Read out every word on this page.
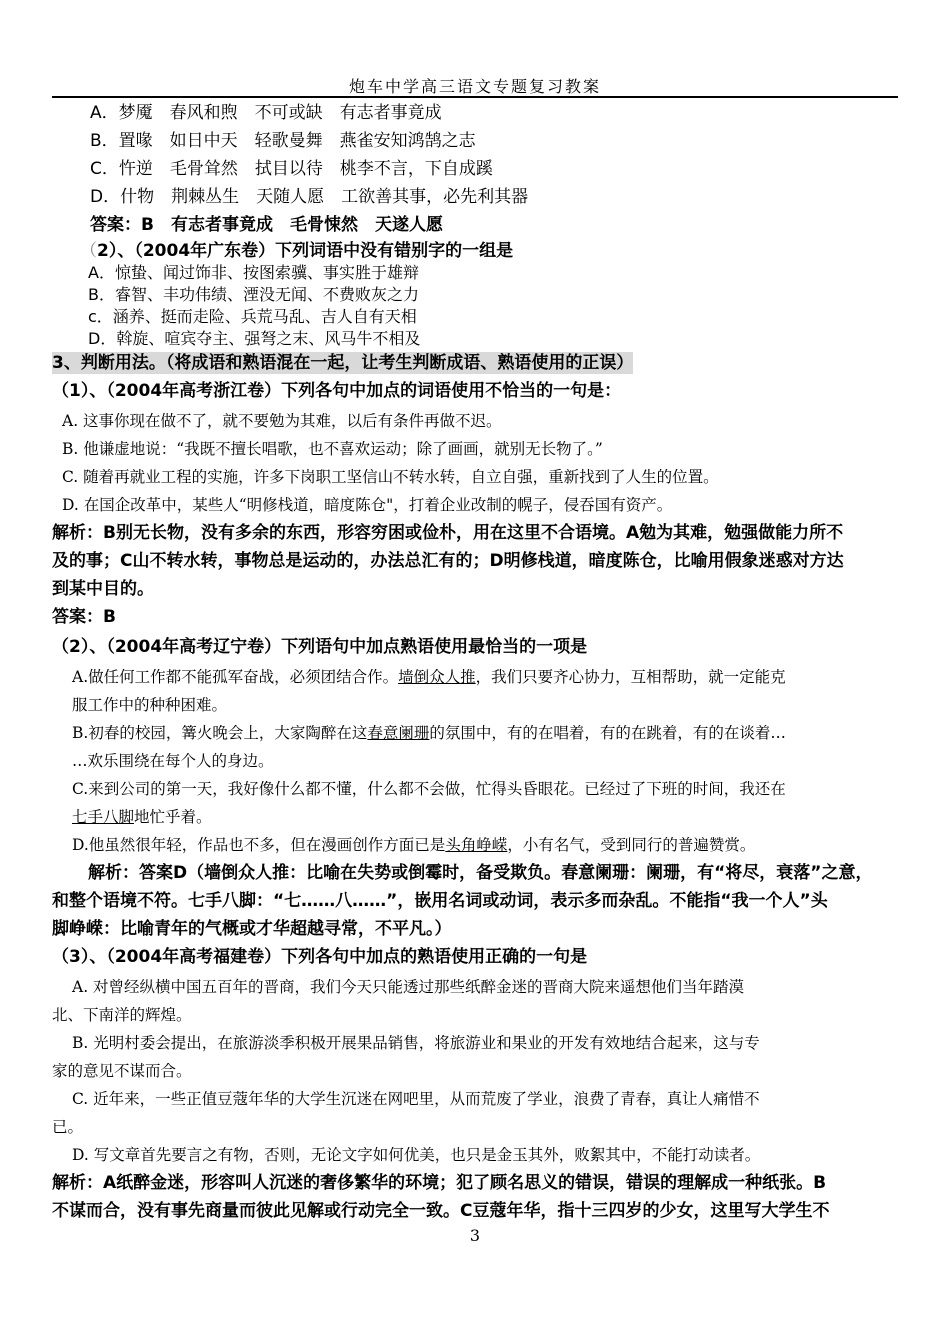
炮车中学高三语文专题复习教案
A．梦魇　春风和煦　不可或缺　有志者事竟成
B．置喙　如日中天　轻歌曼舞　燕雀安知鸿鹄之志
C．忤逆　毛骨耸然　拭目以待　桃李不言，下自成蹊
D．什物　荆棘丛生　天随人愿　工欲善其事，必先利其器
答案：B　有志者事竟成　毛骨悚然　天遂人愿
（2）、（2004年广东卷）下列词语中没有错别字的一组是
A．惊蛰、闻过饰非、按图索骥、事实胜于雄辩
B．睿智、丰功伟绩、湮没无闻、不费败灰之力
c．涵养、挺而走险、兵荒马乱、吉人自有天相
D．斡旋、喧宾夺主、强弩之末、风马牛不相及
3、判断用法。（将成语和熟语混在一起，让考生判断成语、熟语使用的正误）
（1）、（2004年高考浙江卷）下列各句中加点的词语使用不恰当的一句是：
A. 这事你现在做不了，就不要勉为其难，以后有条件再做不迟。
B. 他谦虚地说：“我既不擅长唱歌，也不喜欢运动；除了画画，就别无长物了。”
C. 随着再就业工程的实施，许多下岗职工坚信山不转水转，自立自强，重新找到了人生的位置。
D. 在国企改革中，某些人“明修栈道，暗度陈仓"，打着企业改制的幌子，侵吞国有资产。
解析：B别无长物，没有多余的东西，形容穷困或俭朴，用在这里不合语境。A勉为其难，勉强做能力所不
及的事；C山不转水转，事物总是运动的，办法总汇有的；D明修栈道，暗度陈仓，比喻用假象迷惑对方达
到某中目的。
答案：B
（2）、（2004年高考辽宁卷）下列语句中加点熟语使用最恰当的一项是
A.做任何工作都不能孤军奋战，必须团结合作。墙倒众人推，我们只要齐心协力，互相帮助，就一定能克
服工作中的种种困难。
B.初春的校园，篝火晚会上，大家陶醉在这春意阑珊的氛围中，有的在唱着，有的在跳着，有的在谈着…
…欢乐围绕在每个人的身边。
C.来到公司的第一天，我好像什么都不懂，什么都不会做，忙得头昏眼花。已经过了下班的时间，我还在
七手八脚地忙乎着。
D.他虽然很年轻，作品也不多，但在漫画创作方面已是头角峥嵘，小有名气，受到同行的普遍赞赏。
解析：答案D（墙倒众人推：比喻在失势或倒霉时，备受欺负。春意阑珊：阑珊，有“将尽，衰落”之意，
和整个语境不符。七手八脚：“七……八……”，嵌用名词或动词，表示多而杂乱。不能指“我一个人”头
脚峥嵘：比喻青年的气概或才华超越寻常，不平凡。）
（3）、（2004年高考福建卷）下列各句中加点的熟语使用正确的一句是
A. 对曾经纵横中国五百年的晋商，我们今天只能透过那些纸醉金迷的晋商大院来遥想他们当年踏漠
北、下南洋的辉煌。
B. 光明村委会提出，在旅游淡季积极开展果品销售，将旅游业和果业的开发有效地结合起来，这与专
家的意见不谋而合。
C. 近年来，一些正值豆蔻年华的大学生沉迷在网吧里，从而荒废了学业，浪费了青春，真让人痛惜不
已。
D. 写文章首先要言之有物，否则，无论文字如何优美，也只是金玉其外，败絮其中，不能打动读者。
解析：A纸醉金迷，形容叫人沉迷的奢侈繁华的环境；犯了顾名思义的错误，错误的理解成一种纸张。B
不谋而合，没有事先商量而彼此见解或行动完全一致。C豆蔻年华，指十三四岁的少女，这里写大学生不
3
